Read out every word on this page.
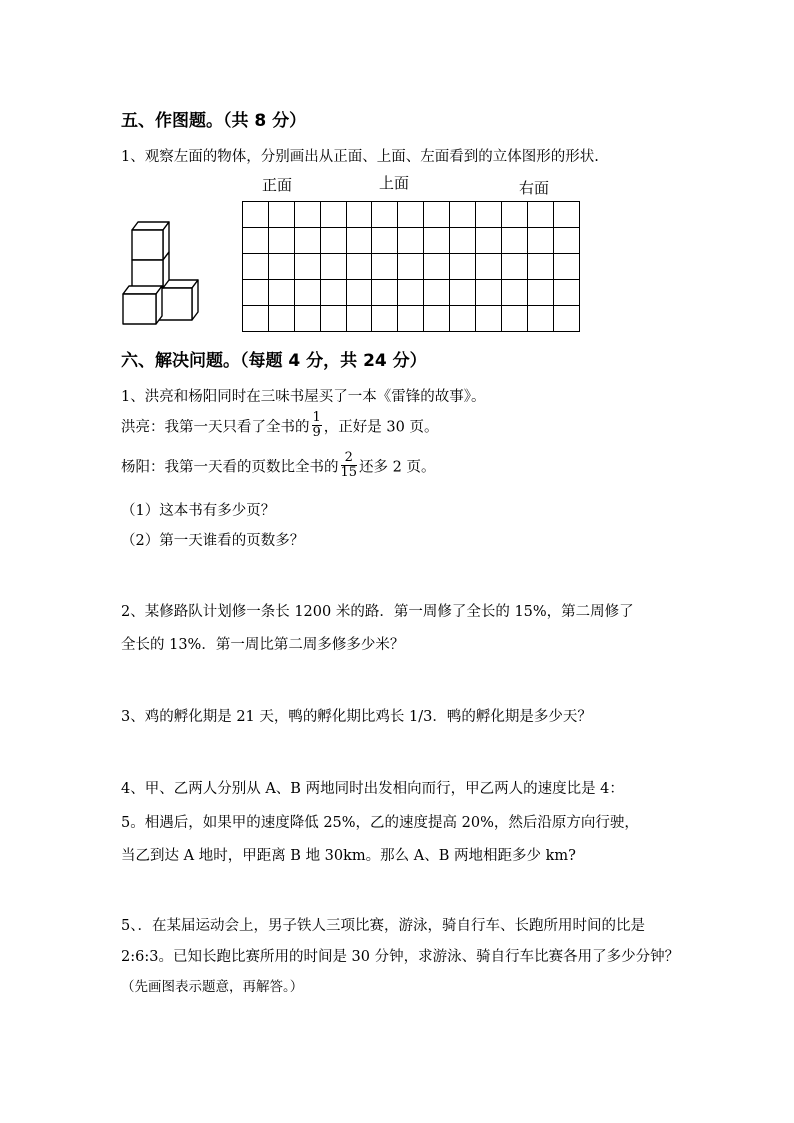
五、作图题。（共 8 分）
1、观察左面的物体，分别画出从正面、上面、左面看到的立体图形的形状.
正面	上面	右面
六、解决问题。（每题 4 分，共 24 分）
1、洪亮和杨阳同时在三味书屋买了一本《雷锋的故事》。
洪亮：我第一天只看了全书的 $\frac{1}{9}$ ，正好是 30 页。
杨阳：我第一天看的页数比全书的 $\frac{2}{15}$ 还多 2 页。
（1）这本书有多少页？
（2）第一天谁看的页数多？
2、某修路队计划修一条长 1200 米的路．第一周修了全长的 15%，第二周修了
全长的 13%．第一周比第二周多修多少米？
3、鸡的孵化期是 21 天，鸭的孵化期比鸡长 1/3．鸭的孵化期是多少天？
4、甲、乙两人分别从 A、B 两地同时出发相向而行，甲乙两人的速度比是 4：
5。相遇后，如果甲的速度降低 25%，乙的速度提高 20%，然后沿原方向行驶，
当乙到达 A 地时，甲距离 B 地 30km。那么 A、B 两地相距多少 km?
5、．在某届运动会上，男子铁人三项比赛，游泳，骑自行车、长跑所用时间的比是
2:6:3。已知长跑比赛所用的时间是 30 分钟，求游泳、骑自行车比赛各用了多少分钟？
（先画图表示题意，再解答。）
